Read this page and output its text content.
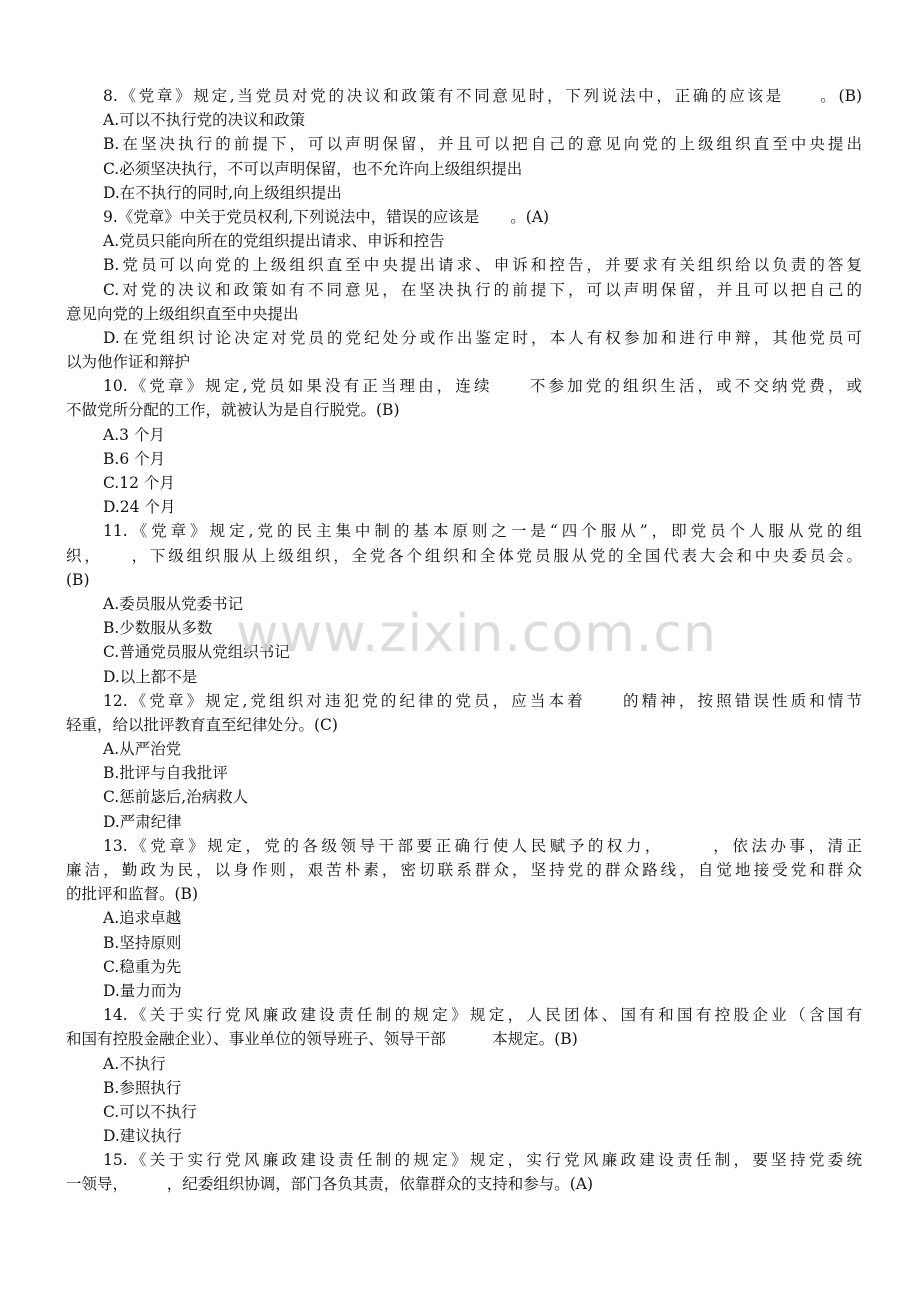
8.《党章》规定,当党员对党的决议和政策有不同意见时，下列说法中，正确的应该是　　。(B)
A.可以不执行党的决议和政策
B.在坚决执行的前提下，可以声明保留，并且可以把自己的意见向党的上级组织直至中央提出
C.必须坚决执行，不可以声明保留，也不允许向上级组织提出
D.在不执行的同时,向上级组织提出
9.《党章》中关于党员权利,下列说法中，错误的应该是　　。(A)
A.党员只能向所在的党组织提出请求、申诉和控告
B.党员可以向党的上级组织直至中央提出请求、申诉和控告，并要求有关组织给以负责的答复
C.对党的决议和政策如有不同意见，在坚决执行的前提下，可以声明保留，并且可以把自己的
意见向党的上级组织直至中央提出
D.在党组织讨论决定对党员的党纪处分或作出鉴定时，本人有权参加和进行申辩，其他党员可
以为他作证和辩护
10.《党章》规定,党员如果没有正当理由，连续　　不参加党的组织生活，或不交纳党费，或
不做党所分配的工作，就被认为是自行脱党。(B)
A.3 个月
B.6 个月
C.12 个月
D.24 个月
11.《党章》规定,党的民主集中制的基本原则之一是“四个服从”，即党员个人服从党的组
织，　　，下级组织服从上级组织，全党各个组织和全体党员服从党的全国代表大会和中央委员会。
(B)
A.委员服从党委书记
B.少数服从多数
C.普通党员服从党组织书记
D.以上都不是
12.《党章》规定,党组织对违犯党的纪律的党员，应当本着　　的精神，按照错误性质和情节
轻重，给以批评教育直至纪律处分。(C)
A.从严治党
B.批评与自我批评
C.惩前毖后,治病救人
D.严肃纪律
13.《党章》规定，党的各级领导干部要正确行使人民赋予的权力，　　　，依法办事，清正
廉洁，勤政为民，以身作则，艰苦朴素，密切联系群众，坚持党的群众路线，自觉地接受党和群众
的批评和监督。(B)
A.追求卓越
B.坚持原则
C.稳重为先
D.量力而为
14.《关于实行党风廉政建设责任制的规定》规定，人民团体、国有和国有控股企业（含国有
和国有控股金融企业）、事业单位的领导班子、领导干部　　　本规定。(B)
A.不执行
B.参照执行
C.可以不执行
D.建议执行
15.《关于实行党风廉政建设责任制的规定》规定，实行党风廉政建设责任制，要坚持党委统
一领导，　　　，纪委组织协调，部门各负其责，依靠群众的支持和参与。(A)
www.zixin.com.cn
